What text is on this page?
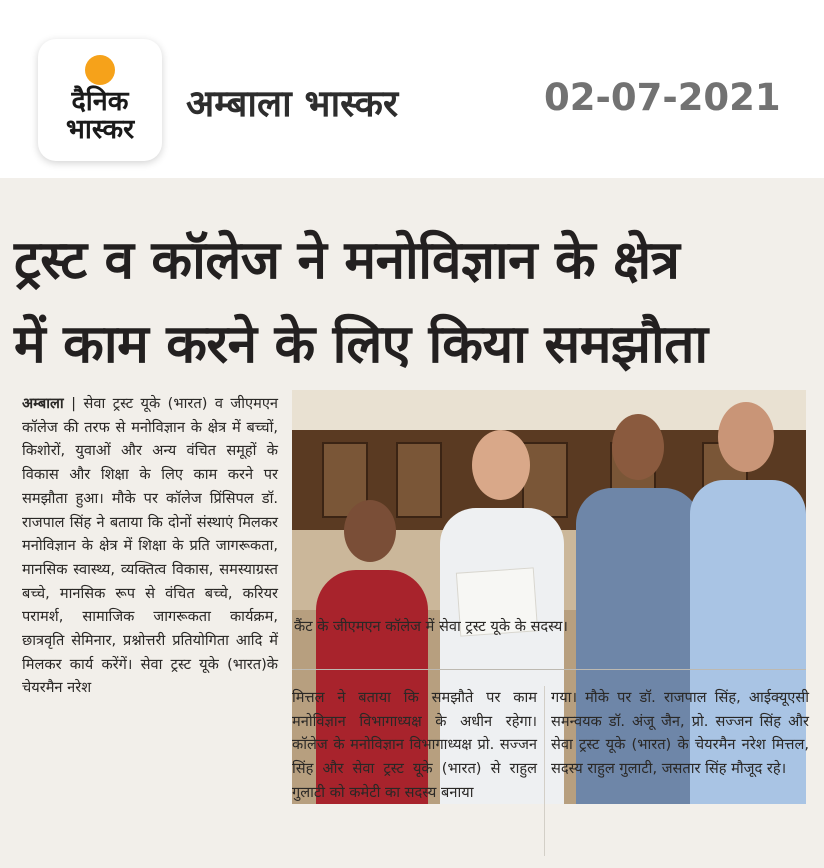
दैनिक
भास्कर
अम्बाला भास्कर	02-07-2021
ट्रस्ट व कॉलेज ने मनोविज्ञान के क्षेत्र
में काम करने के लिए किया समझौता
अम्बाला | सेवा ट्रस्ट यूके (भारत) व जीएमएन कॉलेज की तरफ से मनोविज्ञान के क्षेत्र में बच्चों, किशोरों, युवाओं और अन्य वंचित समूहों के विकास और शिक्षा के लिए काम करने पर समझौता हुआ। मौके पर कॉलेज प्रिंसिपल डॉ. राजपाल सिंह ने बताया कि दोनों संस्थाएं मिलकर मनोविज्ञान के क्षेत्र में शिक्षा के प्रति जागरूकता, मानसिक स्वास्थ्य, व्यक्तित्व विकास, समस्याग्रस्त बच्चे, मानसिक रूप से वंचित बच्चे, करियर परामर्श, सामाजिक जागरूकता कार्यक्रम, छात्रवृति सेमिनार, प्रश्नोत्तरी प्रतियोगिता आदि में मिलकर कार्य करेंगें। सेवा ट्रस्ट यूके (भारत)के चेयरमैन नरेश
कैंट के जीएमएन कॉलेज में सेवा ट्रस्ट यूके के सदस्य।
मित्तल ने बताया कि समझौते पर काम मनोविज्ञान विभागाध्यक्ष के अधीन रहेगा। कॉलेज के मनोविज्ञान विभागाध्यक्ष प्रो. सज्जन सिंह और सेवा ट्रस्ट यूके (भारत) से राहुल गुलाटी को कमेटी का सदस्य बनाया
गया। मौके पर डॉ. राजपाल सिंह, आईक्यूएसी समन्वयक डॉ. अंजू जैन, प्रो. सज्जन सिंह और सेवा ट्रस्ट यूके (भारत) के चेयरमैन नरेश मित्तल, सदस्य राहुल गुलाटी, जसतार सिंह मौजूद रहे।
